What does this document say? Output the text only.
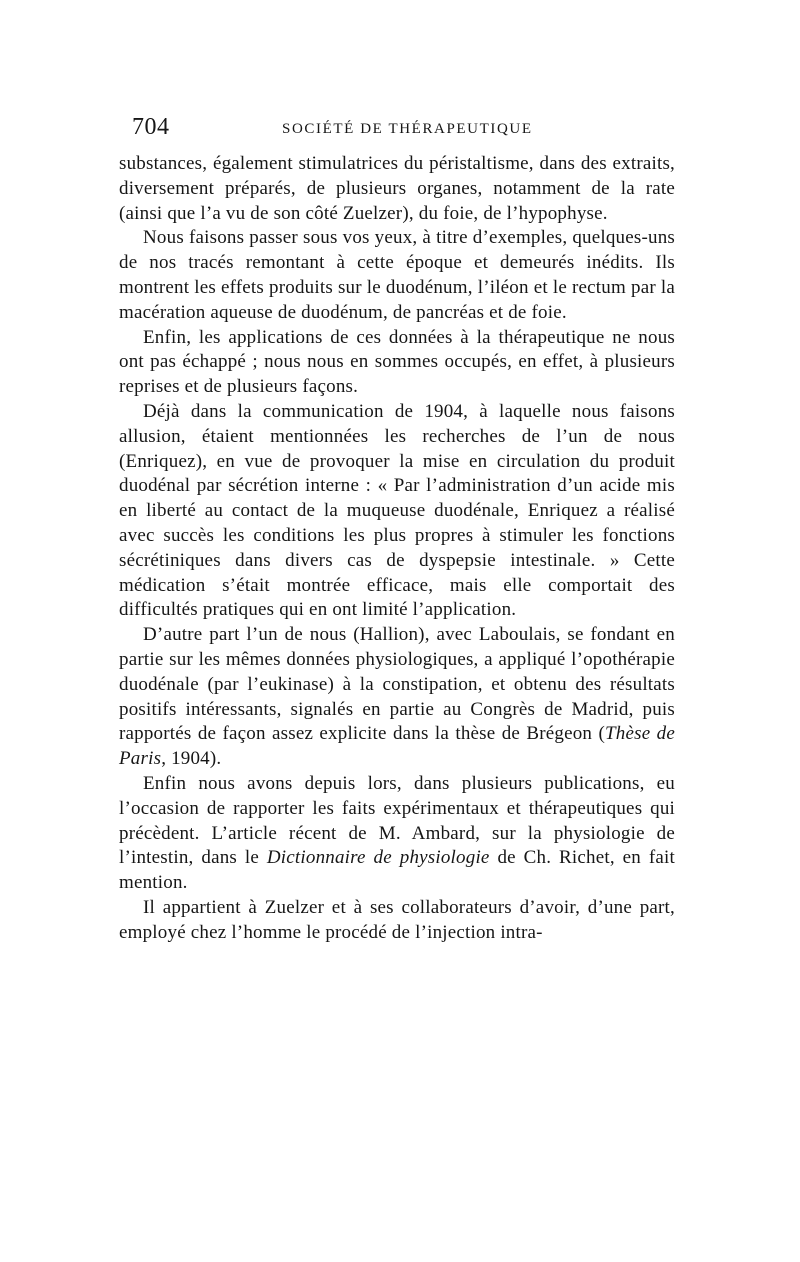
704	SOCIÉTÉ DE THÉRAPEUTIQUE

substances, également stimulatrices du péristaltisme, dans des extraits, diversement préparés, de plusieurs organes, notamment de la rate (ainsi que l’a vu de son côté Zuelzer), du foie, de l’hypophyse.

Nous faisons passer sous vos yeux, à titre d’exemples, quelques-uns de nos tracés remontant à cette époque et demeurés inédits. Ils montrent les effets produits sur le duodénum, l’iléon et le rectum par la macération aqueuse de duodénum, de pancréas et de foie.

Enfin, les applications de ces données à la thérapeutique ne nous ont pas échappé ; nous nous en sommes occupés, en effet, à plusieurs reprises et de plusieurs façons.

Déjà dans la communication de 1904, à laquelle nous faisons allusion, étaient mentionnées les recherches de l’un de nous (Enriquez), en vue de provoquer la mise en circulation du produit duodénal par sécrétion interne : « Par l’administration d’un acide mis en liberté au contact de la muqueuse duodénale, Enriquez a réalisé avec succès les conditions les plus propres à stimuler les fonctions sécrétiniques dans divers cas de dyspepsie intestinale. » Cette médication s’était montrée efficace, mais elle comportait des difficultés pratiques qui en ont limité l’application.

D’autre part l’un de nous (Hallion), avec Laboulais, se fondant en partie sur les mêmes données physiologiques, a appliqué l’opothérapie duodénale (par l’eukinase) à la constipation, et obtenu des résultats positifs intéressants, signalés en partie au Congrès de Madrid, puis rapportés de façon assez explicite dans la thèse de Brégeon (Thèse de Paris, 1904).

Enfin nous avons depuis lors, dans plusieurs publications, eu l’occasion de rapporter les faits expérimentaux et thérapeutiques qui précèdent. L’article récent de M. Ambard, sur la physiologie de l’intestin, dans le Dictionnaire de physiologie de Ch. Richet, en fait mention.

Il appartient à Zuelzer et à ses collaborateurs d’avoir, d’une part, employé chez l’homme le procédé de l’injection intra-
